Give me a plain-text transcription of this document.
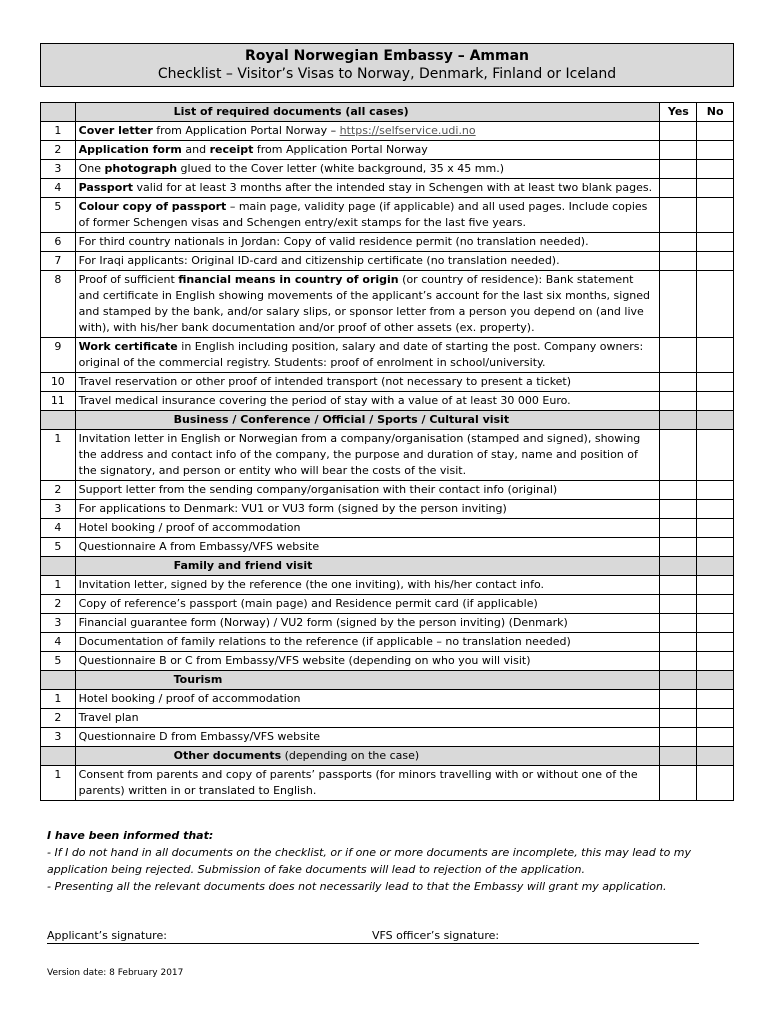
Royal Norwegian Embassy – Amman
Checklist – Visitor’s Visas to Norway, Denmark, Finland or Iceland
	List of required documents (all cases)	Yes	No
1	Cover letter from Application Portal Norway – https://selfservice.udi.no		
2	Application form and receipt from Application Portal Norway		
3	One photograph glued to the Cover letter (white background, 35 x 45 mm.)		
4	Passport valid for at least 3 months after the intended stay in Schengen with at least two blank pages.		
5	Colour copy of passport – main page, validity page (if applicable) and all used pages. Include copies of former Schengen visas and Schengen entry/exit stamps for the last five years.		
6	For third country nationals in Jordan: Copy of valid residence permit (no translation needed).		
7	For Iraqi applicants: Original ID-card and citizenship certificate (no translation needed).		
8	Proof of sufficient financial means in country of origin (or country of residence): Bank statement and certificate in English showing movements of the applicant’s account for the last six months, signed and stamped by the bank, and/or salary slips, or sponsor letter from a person you depend on (and live with), with his/her bank documentation and/or proof of other assets (ex. property).		
9	Work certificate in English including position, salary and date of starting the post. Company owners: original of the commercial registry. Students: proof of enrolment in school/university.		
10	Travel reservation or other proof of intended transport (not necessary to present a ticket)		
11	Travel medical insurance covering the period of stay with a value of at least 30 000 Euro.		
	Business / Conference / Official / Sports / Cultural visit		
1	Invitation letter in English or Norwegian from a company/organisation (stamped and signed), showing the address and contact info of the company, the purpose and duration of stay, name and position of the signatory, and person or entity who will bear the costs of the visit.		
2	Support letter from the sending company/organisation with their contact info (original)		
3	For applications to Denmark: VU1 or VU3 form (signed by the person inviting)		
4	Hotel booking / proof of accommodation		
5	Questionnaire A from Embassy/VFS website		
	Family and friend visit		
1	Invitation letter, signed by the reference (the one inviting), with his/her contact info.		
2	Copy of reference’s passport (main page) and Residence permit card (if applicable)		
3	Financial guarantee form (Norway) / VU2 form (signed by the person inviting) (Denmark)		
4	Documentation of family relations to the reference (if applicable – no translation needed)		
5	Questionnaire B or C from Embassy/VFS website (depending on who you will visit)		
	Tourism		
1	Hotel booking / proof of accommodation		
2	Travel plan		
3	Questionnaire D from Embassy/VFS website		
	Other documents (depending on the case)		
1	Consent from parents and copy of parents’ passports (for minors travelling with or without one of the parents) written in or translated to English.		
I have been informed that:
- If I do not hand in all documents on the checklist, or if one or more documents are incomplete, this may lead to my application being rejected. Submission of fake documents will lead to rejection of the application.
- Presenting all the relevant documents does not necessarily lead to that the Embassy will grant my application.
Applicant’s signature:	VFS officer’s signature:
Version date: 8 February 2017
